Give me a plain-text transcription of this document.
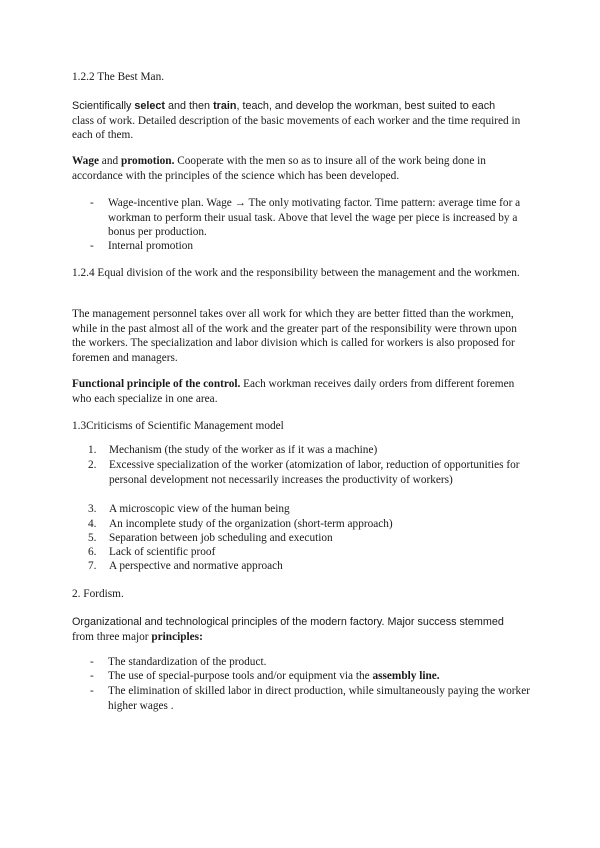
1.2.2 The Best Man.

Scientifically select and then train, teach, and develop the workman, best suited to each
class of work. Detailed description of the basic movements of each worker and the time required in each of them.

Wage and promotion. Cooperate with the men so as to insure all of the work being done in accordance with the principles of the science which has been developed.

-	Wage-incentive plan. Wage → The only motivating factor. Time pattern: average time for a workman to perform their usual task. Above that level the wage per piece is increased by a bonus per production.
-	Internal promotion

1.2.4 Equal division of the work and the responsibility between the management and the workmen.

The management personnel takes over all work for which they are better fitted than the workmen, while in the past almost all of the work and the greater part of the responsibility were thrown upon the workers. The specialization and labor division which is called for workers is also proposed for foremen and managers.

Functional principle of the control. Each workman receives daily orders from different foremen who each specialize in one area.

1.3Criticisms of Scientific Management model

1.	Mechanism (the study of the worker as if it was a machine)
2.	Excessive specialization of the worker (atomization of labor, reduction of opportunities for personal development not necessarily increases the productivity of workers)
3.	A microscopic view of the human being
4.	An incomplete study of the organization (short-term approach)
5.	Separation between job scheduling and execution
6.	Lack of scientific proof
7.	A perspective and normative approach

2. Fordism.

Organizational and technological principles of the modern factory. Major success stemmed
from three major principles:

-	The standardization of the product.
-	The use of special-purpose tools and/or equipment via the assembly line.
-	The elimination of skilled labor in direct production, while simultaneously paying the worker higher wages .
